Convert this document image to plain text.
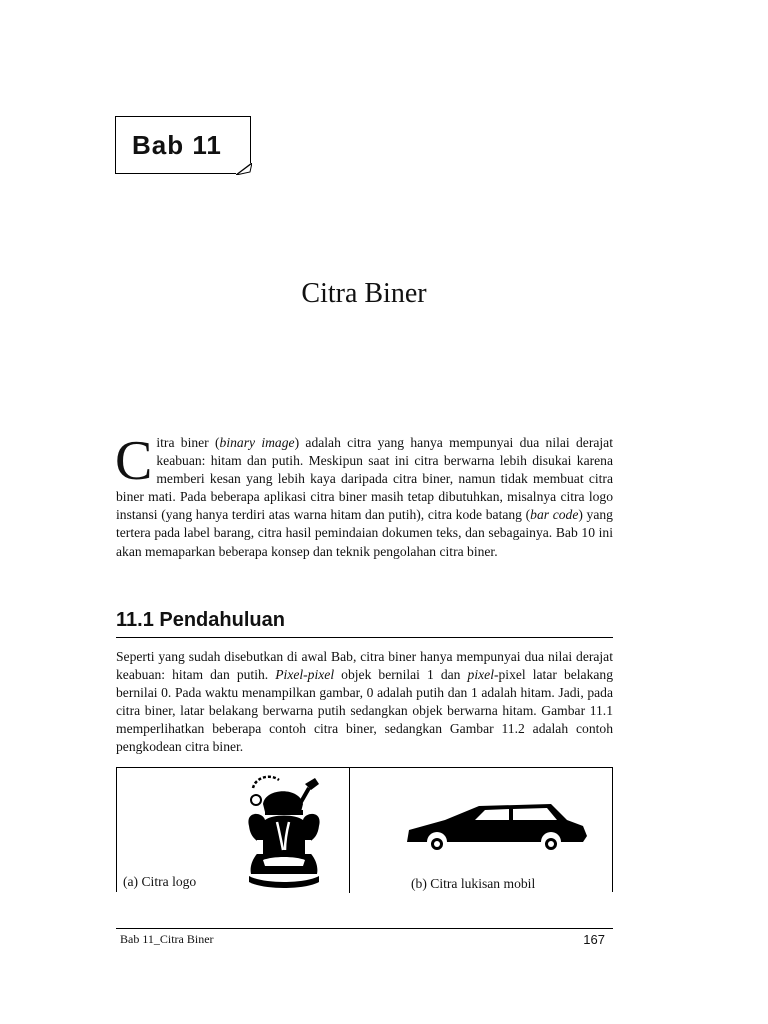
Bab 11
Citra Biner
Citra biner (binary image) adalah citra yang hanya mempunyai dua nilai derajat keabuan: hitam dan putih. Meskipun saat ini citra berwarna lebih disukai karena memberi kesan yang lebih kaya daripada citra biner, namun tidak membuat citra biner mati. Pada beberapa aplikasi citra biner masih tetap dibutuhkan, misalnya citra logo instansi (yang hanya terdiri atas warna hitam dan putih), citra kode batang (bar code) yang tertera pada label barang, citra hasil pemindaian dokumen teks, dan sebagainya. Bab 10 ini akan memaparkan beberapa konsep dan teknik pengolahan citra biner.
11.1 Pendahuluan
Seperti yang sudah disebutkan di awal Bab, citra biner hanya mempunyai dua nilai derajat keabuan: hitam dan putih. Pixel-pixel objek bernilai 1 dan pixel-pixel latar belakang bernilai 0. Pada waktu menampilkan gambar, 0 adalah putih dan 1 adalah hitam. Jadi, pada citra biner, latar belakang berwarna putih sedangkan objek berwarna hitam. Gambar 11.1 memperlihatkan beberapa contoh citra biner, sedangkan Gambar 11.2 adalah contoh pengkodean citra biner.
(a) Citra logo	(b) Citra lukisan mobil
Bab 11_Citra Biner	167
